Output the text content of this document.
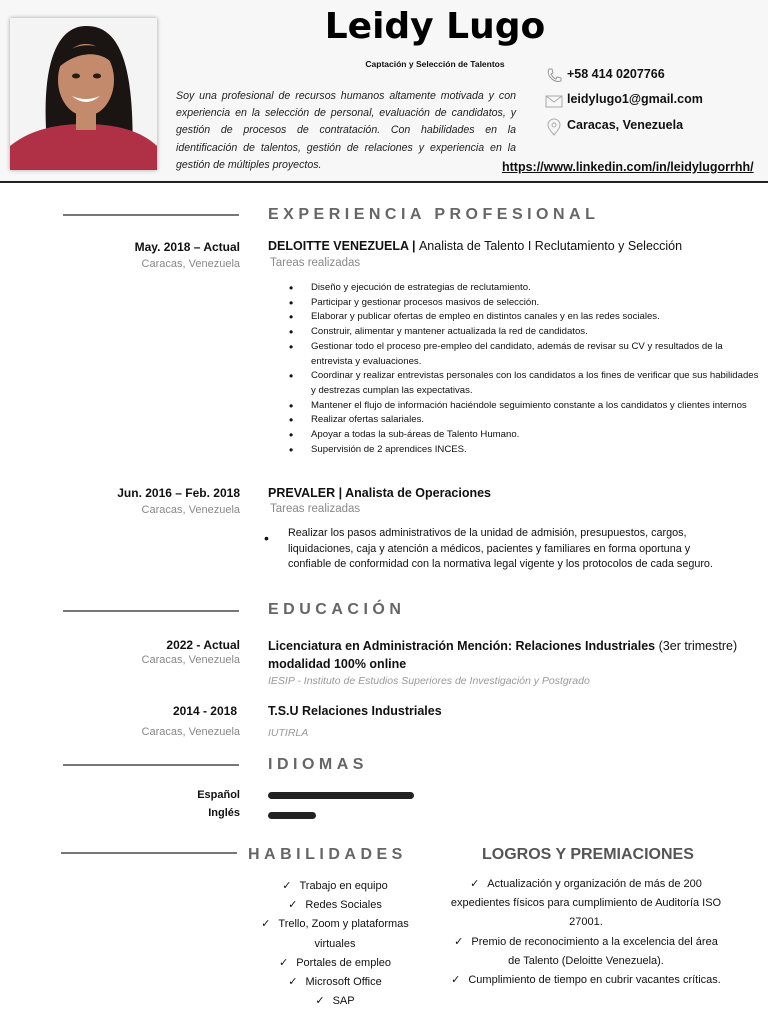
Leidy Lugo
Captación y Selección de Talentos
Soy una profesional de recursos humanos altamente motivada y con experiencia en la selección de personal, evaluación de candidatos, y gestión de procesos de contratación. Con habilidades en la identificación de talentos, gestión de relaciones y experiencia en la gestión de múltiples proyectos.
+58 414 0207766
leidylugo1@gmail.com
Caracas, Venezuela
https://www.linkedin.com/in/leidylugorrhh/
EXPERIENCIA PROFESIONAL
May. 2018 – Actual
Caracas, Venezuela
DELOITTE VENEZUELA | Analista de Talento I Reclutamiento y Selección
Tareas realizadas
• Diseño y ejecución de estrategias de reclutamiento.
• Participar y gestionar procesos masivos de selección.
• Elaborar y publicar ofertas de empleo en distintos canales y en las redes sociales.
• Construir, alimentar y mantener actualizada la red de candidatos.
• Gestionar todo el proceso pre-empleo del candidato, además de revisar su CV y resultados de la entrevista y evaluaciones.
• Coordinar y realizar entrevistas personales con los candidatos a los fines de verificar que sus habilidades y destrezas cumplan las expectativas.
• Mantener el flujo de información haciéndole seguimiento constante a los candidatos y clientes internos
• Realizar ofertas salariales.
• Apoyar a todas la sub-áreas de Talento Humano.
• Supervisión de 2 aprendices INCES.
Jun. 2016 – Feb. 2018
Caracas, Venezuela
PREVALER | Analista de Operaciones
Tareas realizadas
• Realizar los pasos administrativos de la unidad de admisión, presupuestos, cargos, liquidaciones, caja y atención a médicos, pacientes y familiares en forma oportuna y confiable de conformidad con la normativa legal vigente y los protocolos de cada seguro.
EDUCACIÓN
2022 - Actual
Caracas, Venezuela
Licenciatura en Administración Mención: Relaciones Industriales (3er trimestre)
modalidad 100% online
IESIP - Instituto de Estudios Superiores de Investigación y Postgrado
2014 - 2018
Caracas, Venezuela
T.S.U Relaciones Industriales
IUTIRLA
IDIOMAS
Español
Inglés
HABILIDADES	LOGROS Y PREMIACIONES
✓ Trabajo en equipo
✓ Redes Sociales
✓ Trello, Zoom y plataformas virtuales
✓ Portales de empleo
✓ Microsoft Office
✓ SAP
✓ Actualización y organización de más de 200 expedientes físicos para cumplimiento de Auditoría ISO 27001.
✓ Premio de reconocimiento a la excelencia del área de Talento (Deloitte Venezuela).
✓ Cumplimiento de tiempo en cubrir vacantes críticas.
